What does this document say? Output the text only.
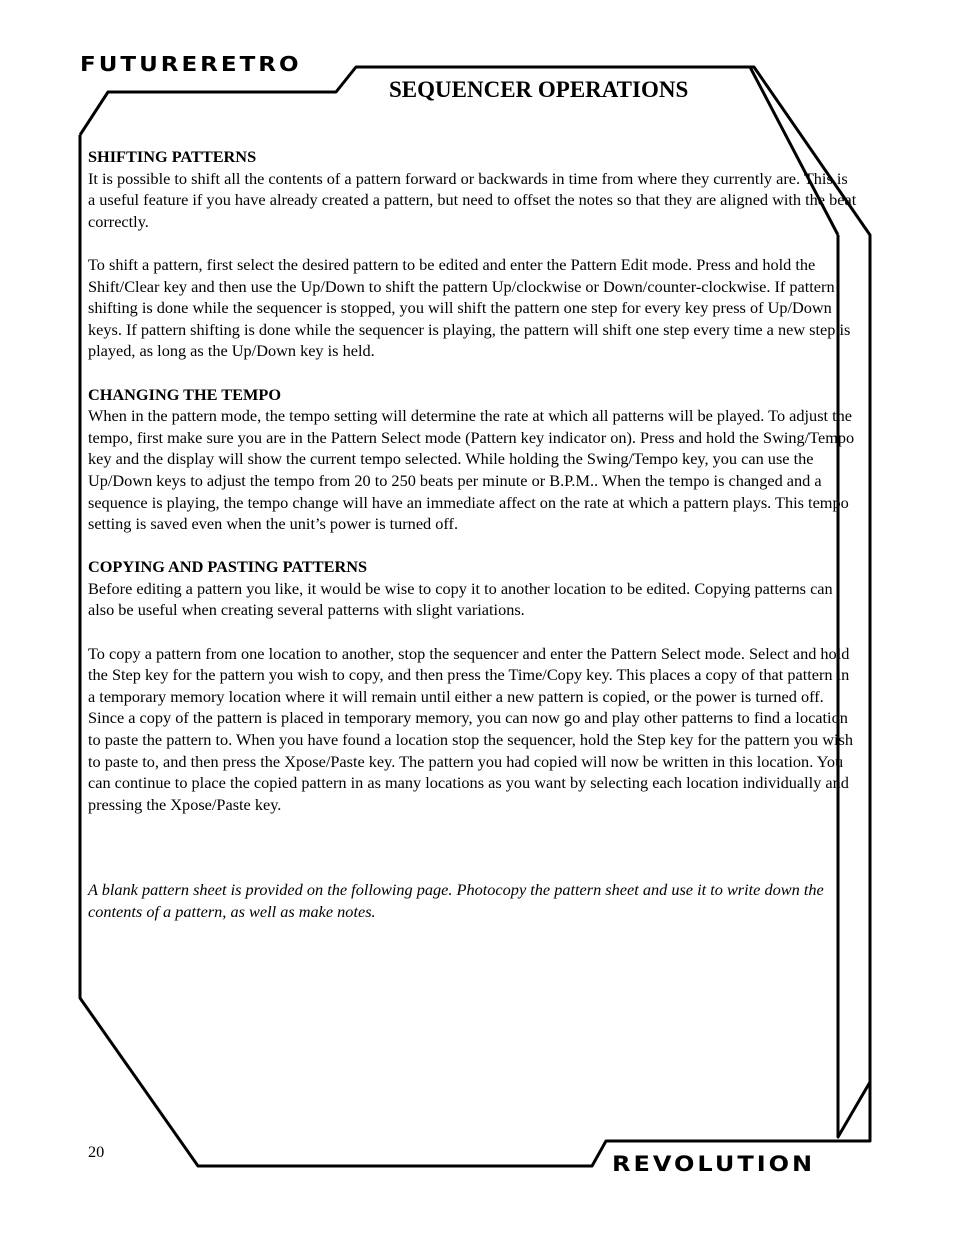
FUTURERETRO
REVOLUTION
SEQUENCER OPERATIONS

SHIFTING PATTERNS

It is possible to shift all the contents of a pattern forward or backwards in time from where they currently are. This is a useful feature if you have already created a pattern, but need to offset the notes so that they are aligned with the beat correctly.

To shift a pattern, first select the desired pattern to be edited and enter the Pattern Edit mode. Press and hold the Shift/Clear key and then use the Up/Down to shift the pattern Up/clockwise or Down/counter-clockwise. If pattern shifting is done while the sequencer is stopped, you will shift the pattern one step for every key press of Up/Down keys. If pattern shifting is done while the sequencer is playing, the pattern will shift one step every time a new step is played, as long as the Up/Down key is held.

CHANGING THE TEMPO

When in the pattern mode, the tempo setting will determine the rate at which all patterns will be played. To adjust the tempo, first make sure you are in the Pattern Select mode (Pattern key indicator on). Press and hold the Swing/Tempo key and the display will show the current tempo selected. While holding the Swing/Tempo key, you can use the Up/Down keys to adjust the tempo from 20 to 250 beats per minute or B.P.M.. When the tempo is changed and a sequence is playing, the tempo change will have an immediate affect on the rate at which a pattern plays. This tempo setting is saved even when the unit’s power is turned off.

COPYING AND PASTING PATTERNS

Before editing a pattern you like, it would be wise to copy it to another location to be edited. Copying patterns can also be useful when creating several patterns with slight variations.

To copy a pattern from one location to another, stop the sequencer and enter the Pattern Select mode. Select and hold the Step key for the pattern you wish to copy, and then press the Time/Copy key. This places a copy of that pattern in a temporary memory location where it will remain until either a new pattern is copied, or the power is turned off. Since a copy of the pattern is placed in temporary memory, you can now go and play other patterns to find a location to paste the pattern to. When you have found a location stop the sequencer, hold the Step key for the pattern you wish to paste to, and then press the Xpose/Paste key. The pattern you had copied will now be written in this location. You can continue to place the copied pattern in as many locations as you want by selecting each location individually and pressing the Xpose/Paste key.

A blank pattern sheet is provided on the following page. Photocopy the pattern sheet and use it to write down the contents of a pattern, as well as make notes.

20
